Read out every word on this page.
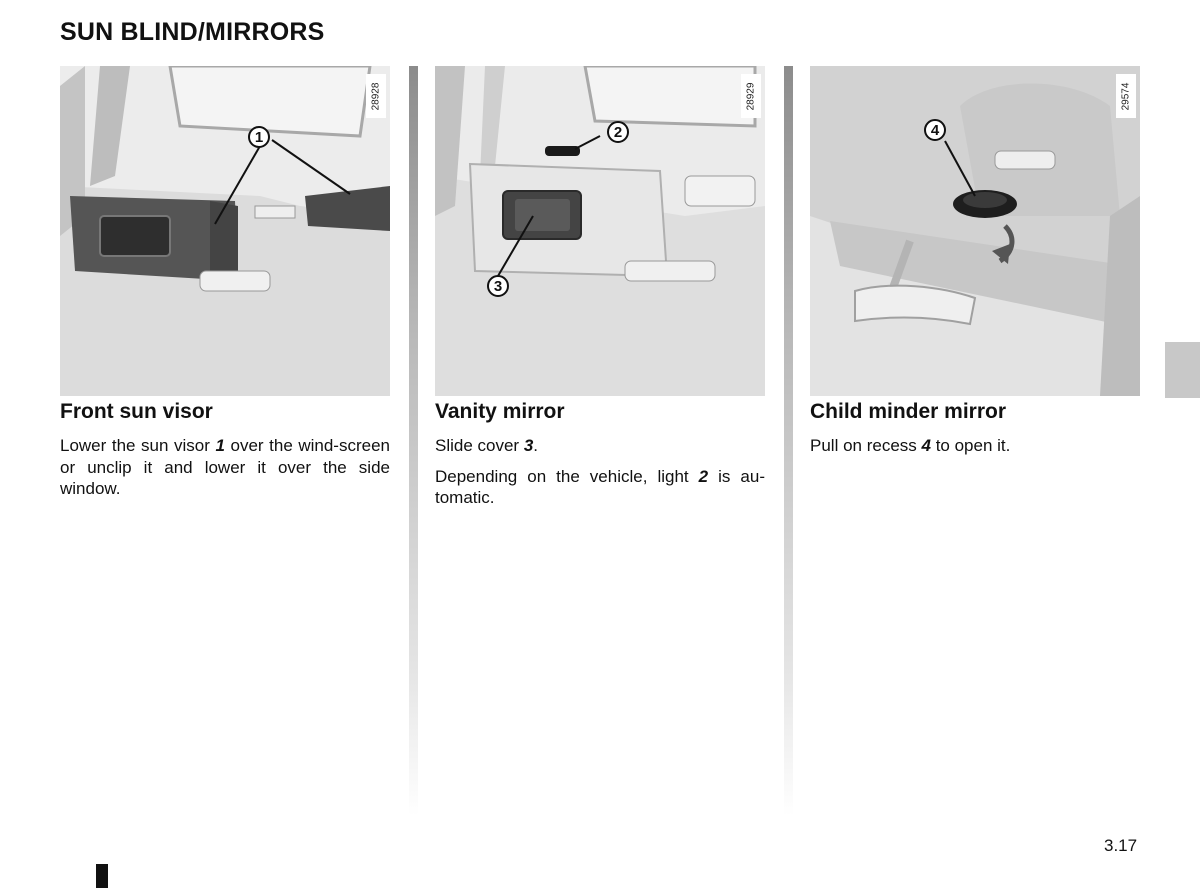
SUN BLIND/MIRRORS
28928
1
28929
2
3
29574
4
Front sun visor

Lower the sun visor 1 over the wind-screen or unclip it and lower it over the side window.

Vanity mirror

Slide cover 3.

Depending on the vehicle, light 2 is au-tomatic.

Child minder mirror

Pull on recess 4 to open it.

3.17
